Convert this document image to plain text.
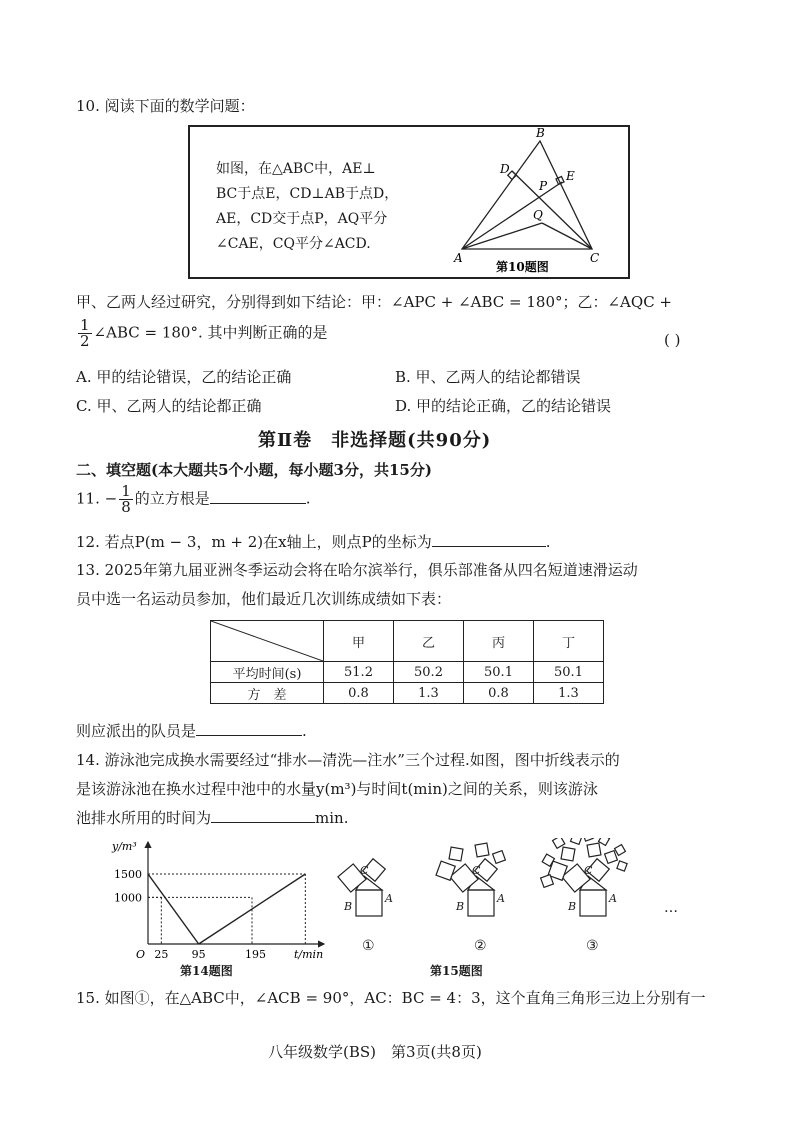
10. 阅读下面的数学问题：
如图，在△ABC中，AE⊥
BC于点E，CD⊥AB于点D，
AE，CD交于点P，AQ平分
∠CAE，CQ平分∠ACD.
B
D	E
P
Q
A	C
第10题图
甲、乙两人经过研究，分别得到如下结论：甲：∠APC + ∠ABC = 180°；乙：∠AQC +
$\frac{1}{2}$ ∠ABC = 180°. 其中判断正确的是	( )
A. 甲的结论错误，乙的结论正确	B. 甲、乙两人的结论都错误
C. 甲、乙两人的结论都正确	D. 甲的结论正确，乙的结论错误
第Ⅱ卷　非选择题(共90分)
二、填空题(本大题共5个小题，每小题3分，共15分)
11. − $\frac{1}{8}$ 的立方根是	.
12. 若点P(m − 3，m + 2)在x轴上，则点P的坐标为	.
13. 2025年第九届亚洲冬季运动会将在哈尔滨举行，俱乐部准备从四名短道速滑运动
员中选一名运动员参加，他们最近几次训练成绩如下表：
	甲	乙	丙	丁
平均时间(s)	51.2	50.2	50.1	50.1
方　差	0.8	1.3	0.8	1.3
则应派出的队员是	.
14. 游泳池完成换水需要经过“排水—清洗—注水”三个过程.如图，图中折线表示的
是该游泳池在换水过程中池中的水量y(m³)与时间t(min)之间的关系，则该游泳
池排水所用的时间为	min.
y/m³
t/min
O
1000
1500
25 95	195
第14题图
C
B
A
C
B
A
C
B
A
①	②	③
…
第15题图
15. 如图①，在△ABC中，∠ACB = 90°，AC：BC = 4：3，这个直角三角形三边上分别有一
八年级数学(BS)　第3页(共8页)
